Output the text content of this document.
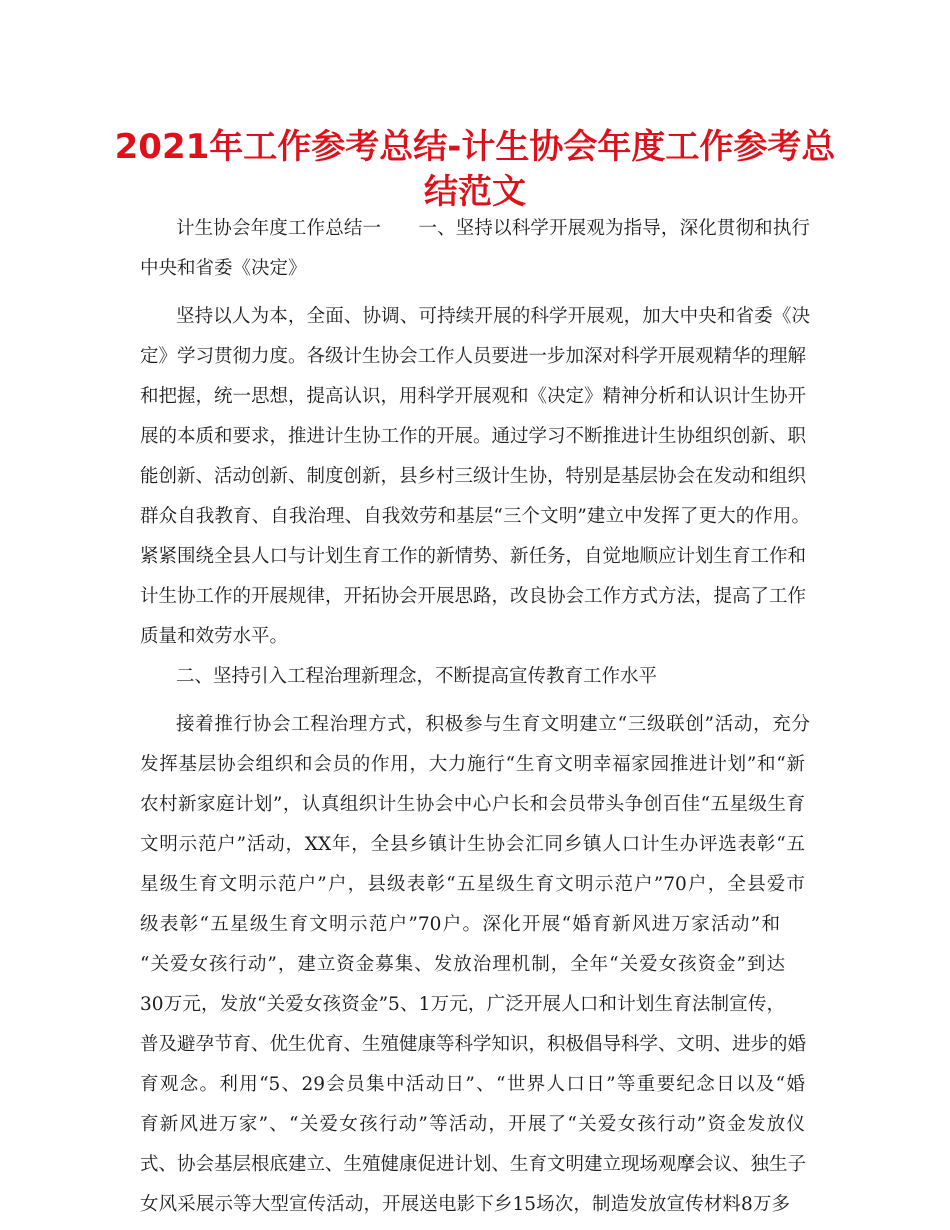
2021年工作参考总结-计生协会年度工作参考总
结范文

计生协会年度工作总结一　　一、坚持以科学开展观为指导，深化贯彻和执行

中央和省委《决定》

坚持以人为本，全面、协调、可持续开展的科学开展观，加大中央和省委《决

定》学习贯彻力度。各级计生协会工作人员要进一步加深对科学开展观精华的理解

和把握，统一思想，提高认识，用科学开展观和《决定》精神分析和认识计生协开

展的本质和要求，推进计生协工作的开展。通过学习不断推进计生协组织创新、职

能创新、活动创新、制度创新，县乡村三级计生协，特别是基层协会在发动和组织

群众自我教育、自我治理、自我效劳和基层“三个文明”建立中发挥了更大的作用。

紧紧围绕全县人口与计划生育工作的新情势、新任务，自觉地顺应计划生育工作和

计生协工作的开展规律，开拓协会开展思路，改良协会工作方式方法，提高了工作

质量和效劳水平。

二、坚持引入工程治理新理念，不断提高宣传教育工作水平

接着推行协会工程治理方式，积极参与生育文明建立“三级联创”活动，充分

发挥基层协会组织和会员的作用，大力施行“生育文明幸福家园推进计划”和“新

农村新家庭计划”，认真组织计生协会中心户长和会员带头争创百佳“五星级生育

文明示范户”活动，XX年，全县乡镇计生协会汇同乡镇人口计生办评选表彰“五

星级生育文明示范户”户，县级表彰“五星级生育文明示范户”70户，全县爱市

级表彰“五星级生育文明示范户”70户。深化开展“婚育新风进万家活动”和

“关爱女孩行动”，建立资金募集、发放治理机制，全年“关爱女孩资金”到达

30万元，发放“关爱女孩资金”5、1万元，广泛开展人口和计划生育法制宣传，

普及避孕节育、优生优育、生殖健康等科学知识，积极倡导科学、文明、进步的婚

育观念。利用“5、29会员集中活动日”、“世界人口日”等重要纪念日以及“婚

育新风进万家”、“关爱女孩行动”等活动，开展了“关爱女孩行动”资金发放仪

式、协会基层根底建立、生殖健康促进计划、生育文明建立现场观摩会议、独生子

女风采展示等大型宣传活动，开展送电影下乡15场次，制造发放宣传材料8万多
